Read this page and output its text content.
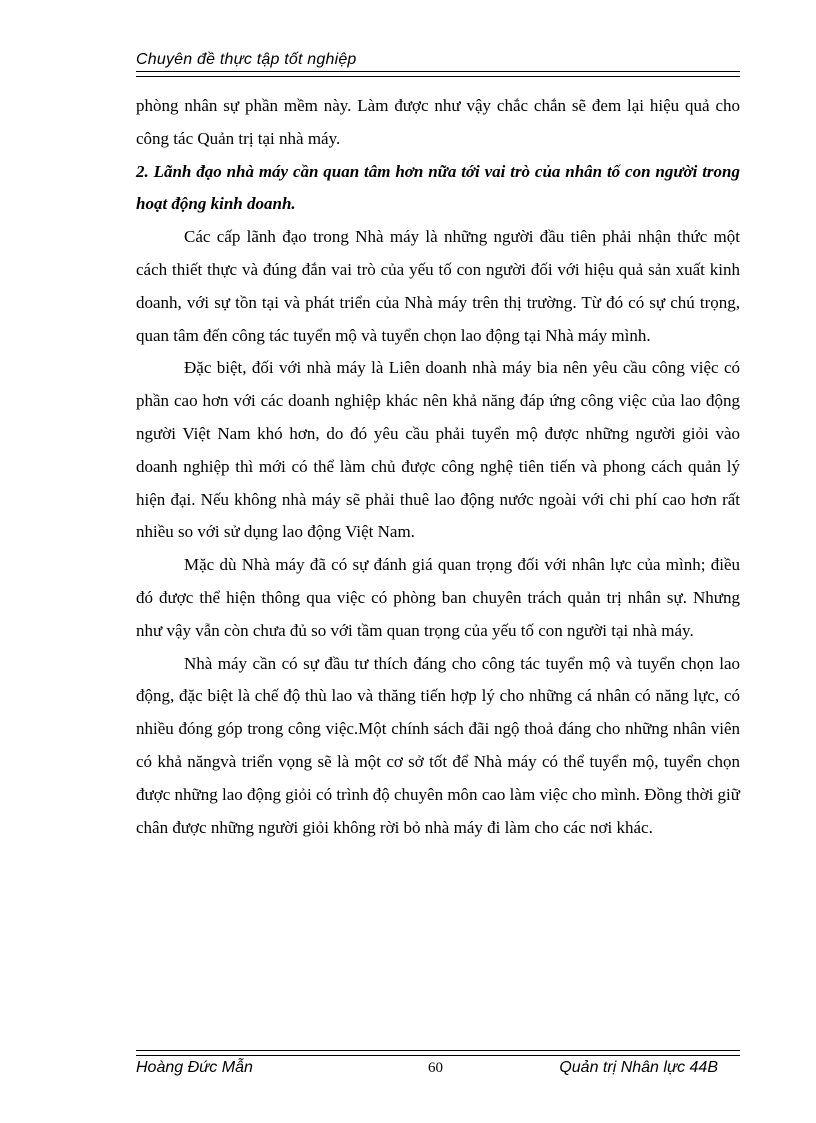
Chuyên đề thực tập tốt nghiệp

phòng nhân sự phần mềm này. Làm được như vậy chắc chắn sẽ đem lại hiệu quả cho công tác Quản trị tại nhà máy.

2. Lãnh đạo nhà máy cần quan tâm hơn nữa tới vai trò của nhân tố con người trong hoạt động kinh doanh.

Các cấp lãnh đạo trong Nhà máy là những người đầu tiên phải nhận thức một cách thiết thực và đúng đắn vai trò của yếu tố con người đối với hiệu quả sản xuất kinh doanh, với sự tồn tại và phát triển của Nhà máy trên thị trường. Từ đó có sự chú trọng, quan tâm đến công tác tuyển mộ và tuyển chọn lao động tại Nhà máy mình.

Đặc biệt, đối với nhà máy là Liên doanh nhà máy bia nên yêu cầu công việc có phần cao hơn với các doanh nghiệp khác nên khả năng đáp ứng công việc của lao động người Việt Nam khó hơn, do đó yêu cầu phải tuyển mộ được những người giỏi vào doanh nghiệp thì mới có thể làm chủ được công nghệ tiên tiến và phong cách quản lý hiện đại. Nếu không nhà máy sẽ phải thuê lao động nước ngoài với chi phí cao hơn rất nhiều so với sử dụng lao động Việt Nam.

Mặc dù Nhà máy đã có sự đánh giá quan trọng đối với nhân lực của mình; điều đó được thể hiện thông qua việc có phòng ban chuyên trách quản trị nhân sự. Nhưng như vậy vẫn còn chưa đủ so với tầm quan trọng của yếu tố con người tại nhà máy.

Nhà máy cần có sự đầu tư thích đáng cho công tác tuyển mộ và tuyển chọn lao động, đặc biệt là chế độ thù lao và thăng tiến hợp lý cho những cá nhân có năng lực, có nhiều đóng góp trong công việc.Một chính sách đãi ngộ thoả đáng cho những nhân viên có khả năngvà triển vọng sẽ là một cơ sở tốt để Nhà máy có thể tuyển mộ, tuyển chọn được những lao động giỏi có trình độ chuyên môn cao làm việc cho mình. Đồng thời giữ chân được những người giỏi không rời bỏ nhà máy đi làm cho các nơi khác.

Hoàng Đức Mẫn	60	Quản trị Nhân lực 44B
